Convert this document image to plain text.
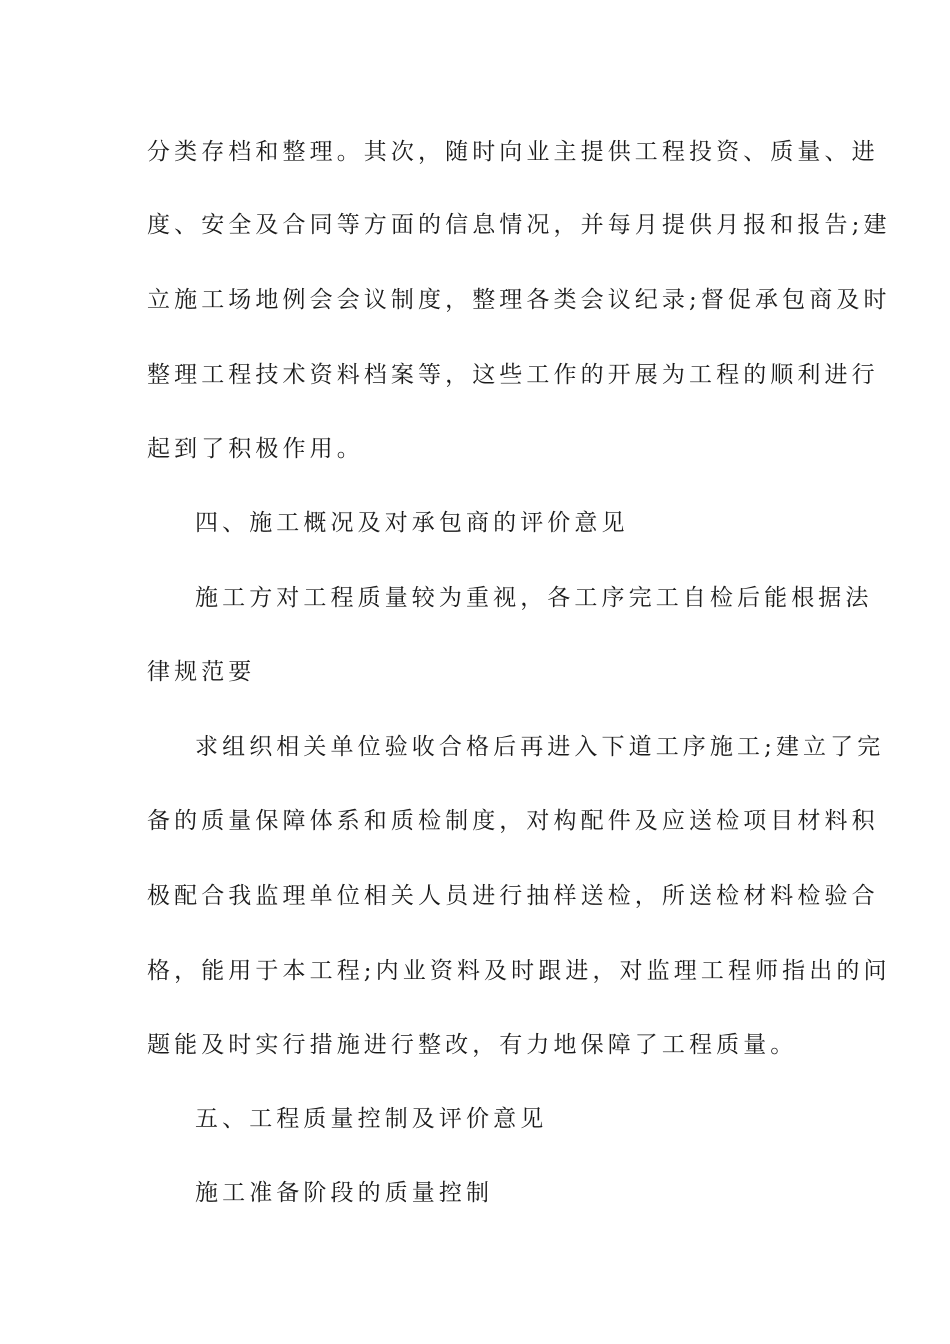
分类存档和整理。其次，随时向业主提供工程投资、质量、进
度、安全及合同等方面的信息情况，并每月提供月报和报告;建
立施工场地例会会议制度，整理各类会议纪录;督促承包商及时
整理工程技术资料档案等，这些工作的开展为工程的顺利进行
起到了积极作用。
四、施工概况及对承包商的评价意见
施工方对工程质量较为重视，各工序完工自检后能根据法
律规范要
求组织相关单位验收合格后再进入下道工序施工;建立了完
备的质量保障体系和质检制度，对构配件及应送检项目材料积
极配合我监理单位相关人员进行抽样送检，所送检材料检验合
格，能用于本工程;内业资料及时跟进，对监理工程师指出的问
题能及时实行措施进行整改，有力地保障了工程质量。
五、工程质量控制及评价意见
施工准备阶段的质量控制
